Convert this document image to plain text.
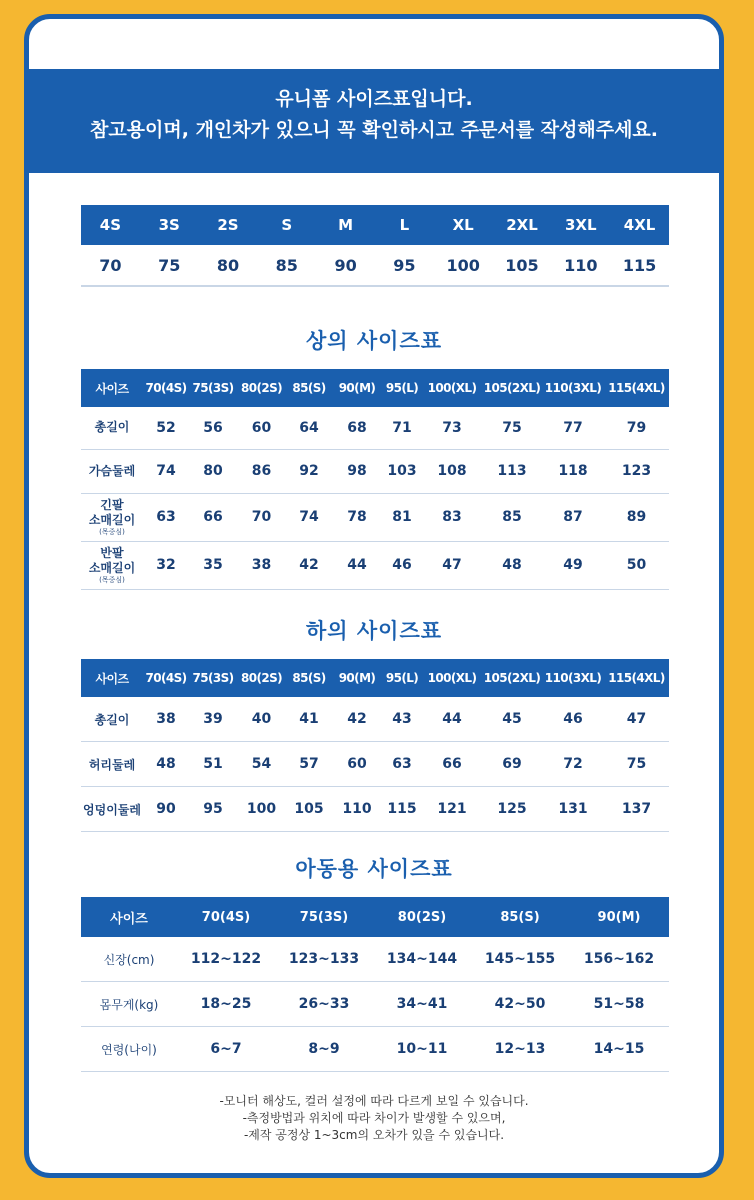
유니폼 사이즈표입니다.
참고용이며, 개인차가 있으니 꼭 확인하시고 주문서를 작성해주세요.
4S	3S	2S	S	M	L	XL	2XL	3XL	4XL
70	75	80	85	90	95	100	105	110	115
상의 사이즈표
사이즈	70(4S)	75(3S)	80(2S)	85(S)	90(M)	95(L)	100(XL)	105(2XL)	110(3XL)	115(4XL)

총길이	52	56	60	64	68	71	73	75	77	79

가슴둘레	74	80	86	92	98	103	108	113	118	123

긴팔
소매길이
(목중심)	63	66	70	74	78	81	83	85	87	89

반팔
소매길이
(목중심)	32	35	38	42	44	46	47	48	49	50
하의 사이즈표
사이즈	70(4S)	75(3S)	80(2S)	85(S)	90(M)	95(L)	100(XL)	105(2XL)	110(3XL)	115(4XL)

총길이	38	39	40	41	42	43	44	45	46	47

허리둘레	48	51	54	57	60	63	66	69	72	75

엉덩이둘레	90	95	100	105	110	115	121	125	131	137
아동용 사이즈표
사이즈	70(4S)	75(3S)	80(2S)	85(S)	90(M)

신장(cm)	112~122	123~133	134~144	145~155	156~162

몸무게(kg)	18~25	26~33	34~41	42~50	51~58

연령(나이)	6~7	8~9	10~11	12~13	14~15
-모니터 해상도, 컬러 설정에 따라 다르게 보일 수 있습니다.
-측정방법과 위치에 따라 차이가 발생할 수 있으며,
-제작 공정상 1~3cm의 오차가 있을 수 있습니다.
